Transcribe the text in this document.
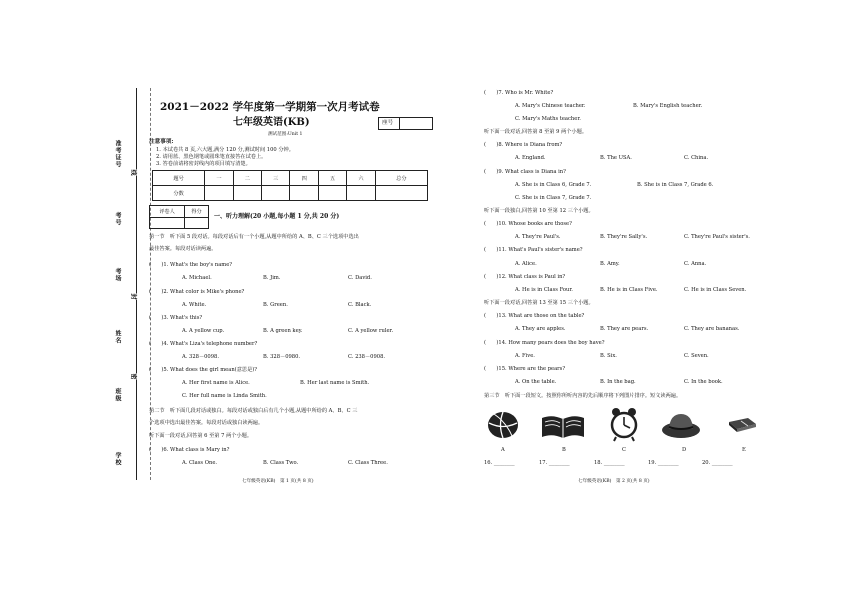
准考证号
考号
考场
姓名
班级
学校
线
封
密
2021－2022 学年度第一学期第一次月考试卷
七年级英语(KB)	座号
测试范围:Unit 1
注意事项:
1. 本试卷共 8 页,六大题,满分 120 分,测试时间 100 分钟。
2. 请用蓝、黑色钢笔或圆珠笔直接答在试卷上。
3. 答卷前请将密封线内的项目填写清楚。
题号	一	二	三	四	五	六	总分
分数							
评卷人	得分

一、听力理解(20 小题,每小题 1 分,共 20 分)
第一节　听下面 5 段对话。每段对话后有一个小题,从题中所给的 A、B、C 三个选项中选出
最佳答案。每段对话读两遍。
(　　)1. What's the boy's name?
A. Michael.	B. Jim.	C. David.
(　　)2. What color is Mike's phone?
A. White.	B. Green.	C. Black.
(　　)3. What's this?
A. A yellow cup.	B. A green key.	C. A yellow ruler.
(　　)4. What's Liza's telephone number?
A. 328－0098.	B. 328－0980.	C. 238－0908.
(　　)5. What does the girl mean(意思是)?
A. Her first name is Alice.	B. Her last name is Smith.
C. Her full name is Linda Smith.
第二节　听下面几段对话或独白。每段对话或独白后有几个小题,从题中所给的 A、B、C 三
个选项中选出最佳答案。每段对话或独白读两遍。
听下面一段对话,回答第 6 至第 7 两个小题。
(　　)6. What class is Mary in?
A. Class One.	B. Class Two.	C. Class Three.
七年级英语(KB)　第 1 页(共 8 页)
(　　)7. Who is Mr. White?
A. Mary's Chinese teacher.	B. Mary's English teacher.
C. Mary's Maths teacher.
听下面一段对话,回答第 8 至第 9 两个小题。
(　　)8. Where is Diana from?
A. England.	B. The USA.	C. China.
(　　)9. What class is Diana in?
A. She is in Class 6, Grade 7.	B. She is in Class 7, Grade 6.
C. She is in Class 7, Grade 7.
听下面一段独白,回答第 10 至第 12 三个小题。
(　　)10. Whose books are those?
A. They're Paul's.	B. They're Sally's.	C. They're Paul's sister's.
(　　)11. What's Paul's sister's name?
A. Alice.	B. Amy.	C. Anna.
(　　)12. What class is Paul in?
A. He is in Class Four.	B. He is in Class Five.	C. He is in Class Seven.
听下面一段对话,回答第 13 至第 15 三个小题。
(　　)13. What are those on the table?
A. They are apples.	B. They are pears.	C. They are bananas.
(　　)14. How many pears does the boy have?
A. Five.	B. Six.	C. Seven.
(　　)15. Where are the pears?
A. On the table.	B. In the bag.	C. In the book.
第三节　听下面一段短文。按照你所听内容的先后顺序将下列图片排序。短文读两遍。
A	B	C	D	E
16. ________	17. ________	18. ________	19. ________	20. ________
七年级英语(KB)　第 2 页(共 8 页)
